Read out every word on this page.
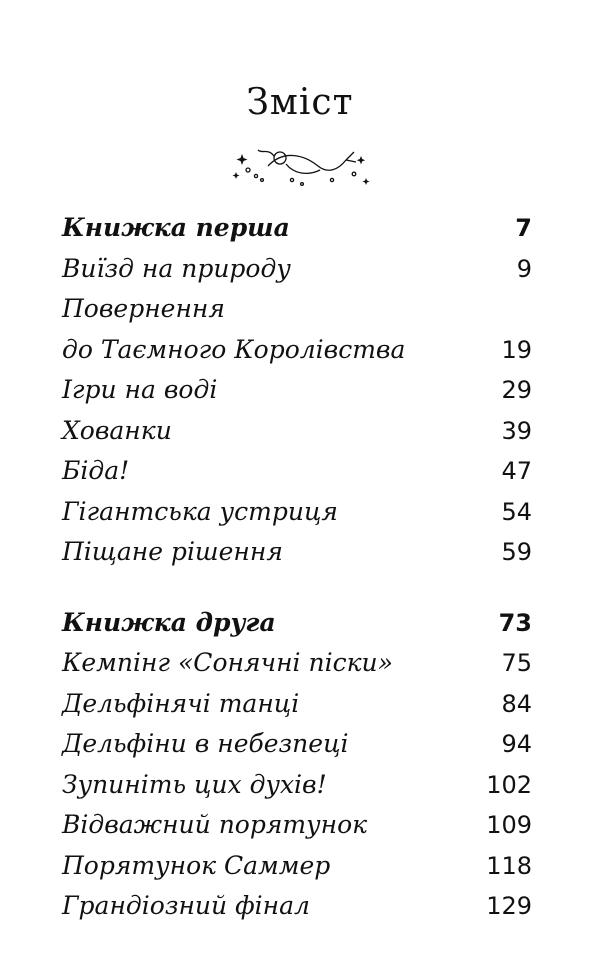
Зміст
Книжка перша	7
Виїзд на природу	9
Повернення
до Таємного Королівства	19
Ігри на воді	29
Хованки	39
Біда!	47
Гігантська устриця	54
Піщане рішення	59
Книжка друга	73
Кемпінг «Сонячні піски»	75
Дельфінячі танці	84
Дельфіни в небезпеці	94
Зупиніть цих духів!	102
Відважний порятунок	109
Порятунок Саммер	118
Грандіозний фінал	129
